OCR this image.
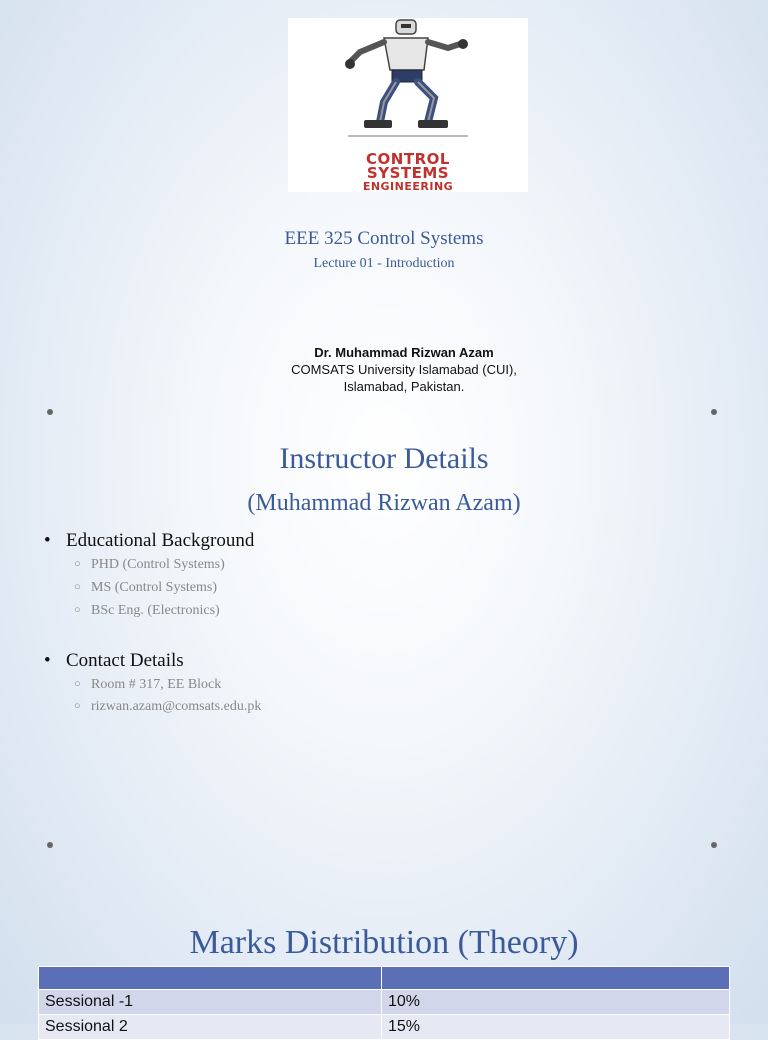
CONTROL
SYSTEMS
ENGINEERING
EEE 325 Control Systems
Lecture 01 - Introduction
Dr. Muhammad Rizwan Azam
COMSATS University Islamabad (CUI),
Islamabad, Pakistan.
Instructor Details
(Muhammad Rizwan Azam)
• Educational Background
○ PHD (Control Systems)
○ MS (Control Systems)
○ BSc Eng. (Electronics)
• Contact Details
○ Room # 317, EE Block
○ rizwan.azam@comsats.edu.pk
Marks Distribution (Theory)

Sessional -1	10%
Sessional 2	15%
